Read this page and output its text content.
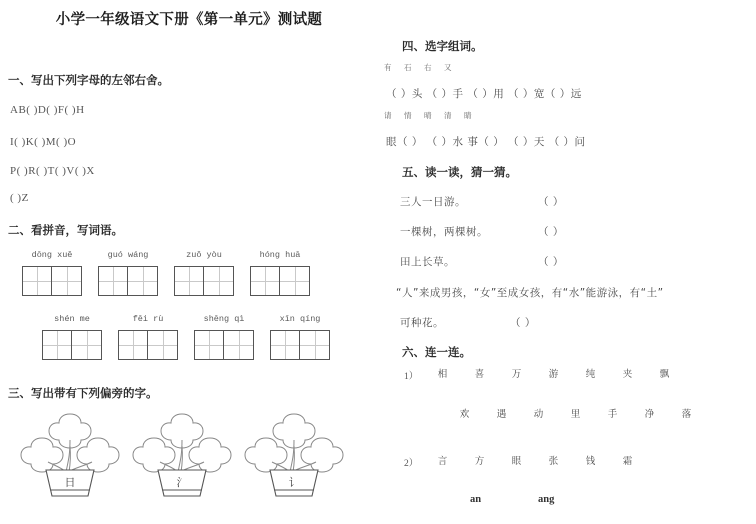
小学一年级语文下册《第一单元》测试题
一、写出下列字母的左邻右舍。
AB( )D( )F( )H
I( )K( )M( )O
P( )R( )T( )V( )X
( )Z
二、看拼音，写词语。
dōng xuě	guó wáng	zuǒ yòu	hóng huā
shén me	fēi rù	shēng qì	xīn qíng
三、写出带有下列偏旁的字。
日	氵	讠
四、选字组词。
有 石 右 又
（ ）头 （ ）手 （ ）用 （ ）宽（ ）远
请 情 晴 清 睛
眼（ ） （ ）水 事（ ） （ ）天 （ ）问
五、读一读，猜一猜。
三人一日游。	（ ）
一棵树，两棵树。	（ ）
田上长草。	（ ）
“人”来成男孩，“女”至成女孩，有“水”能游泳，有“土”
可种花。	（ ）
六、连一连。
1）	相	喜	万	游	纯	夹	飘
欢	遇	动	里	手	净	落
2）	言	方	眼	张	钱	霜
an	ang
